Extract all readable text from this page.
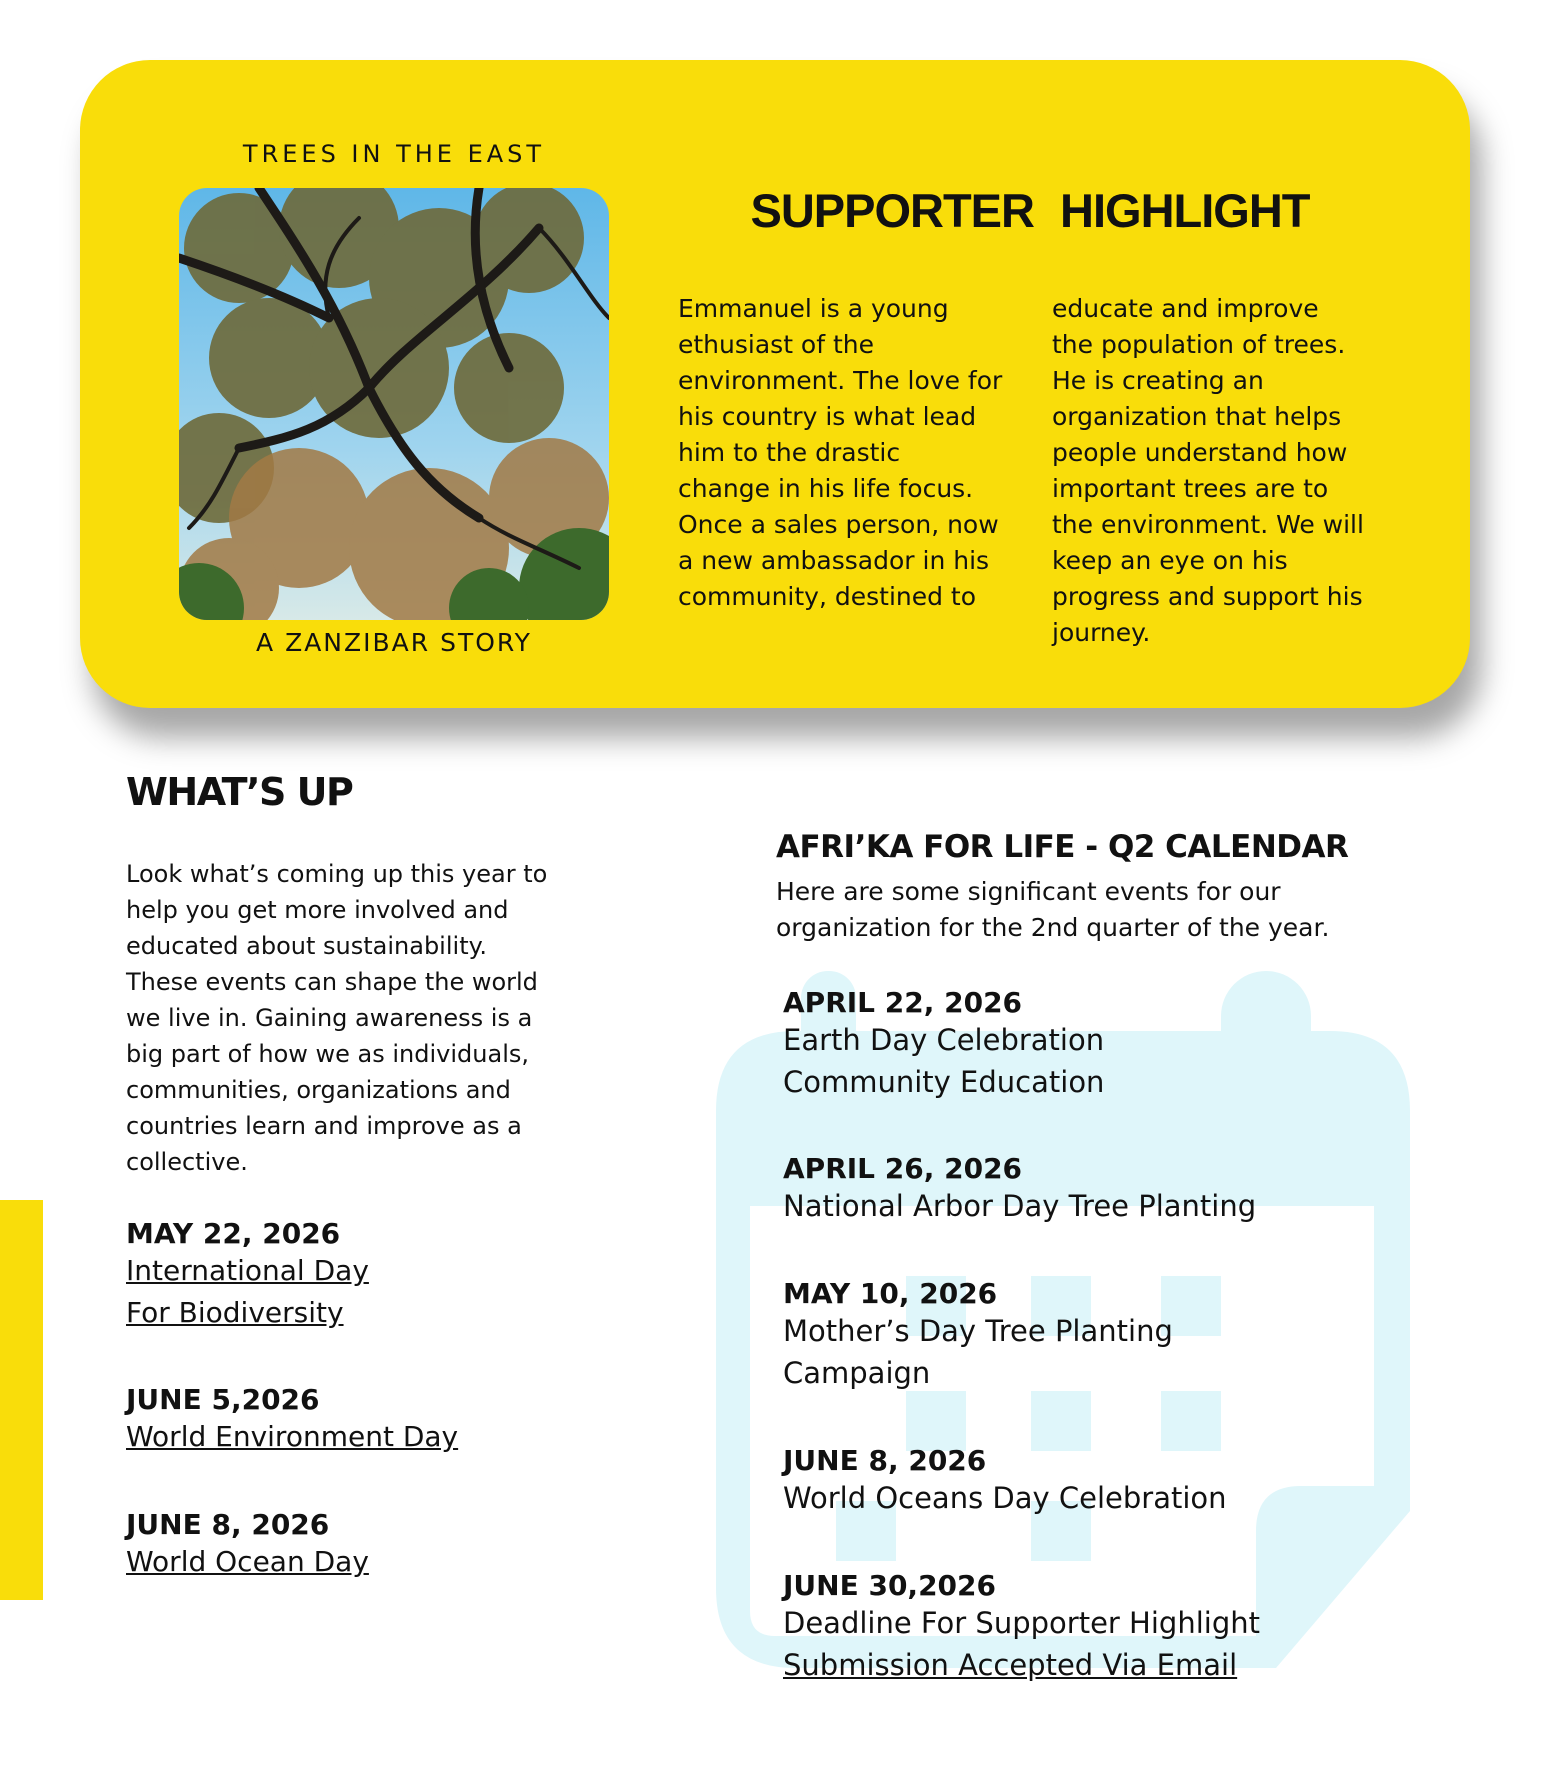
TREES IN THE EAST
A ZANZIBAR STORY
SUPPORTER HIGHLIGHT
Emmanuel is a young
ethusiast of the
environment. The love for
his country is what lead
him to the drastic
change in his life focus.
Once a sales person, now
a new ambassador in his
community, destined to
educate and improve
the population of trees.
He is creating an
organization that helps
people understand how
important trees are to
the environment. We will
keep an eye on his
progress and support his
journey.
WHAT’S UP
Look what’s coming up this year to
help you get more involved and
educated about sustainability.
These events can shape the world
we live in. Gaining awareness is a
big part of how we as individuals,
communities, organizations and
countries learn and improve as a
collective.
MAY 22, 2026
International Day
For Biodiversity
JUNE 5,2026
World Environment Day
JUNE 8, 2026
World Ocean Day
AFRI’KA FOR LIFE - Q2 CALENDAR
Here are some significant events for our
organization for the 2nd quarter of the year.
APRIL 22, 2026
Earth Day Celebration
Community Education
APRIL 26, 2026
National Arbor Day Tree Planting
MAY 10, 2026
Mother’s Day Tree Planting
Campaign
JUNE 8, 2026
World Oceans Day Celebration
JUNE 30,2026
Deadline For Supporter Highlight
Submission Accepted Via Email
